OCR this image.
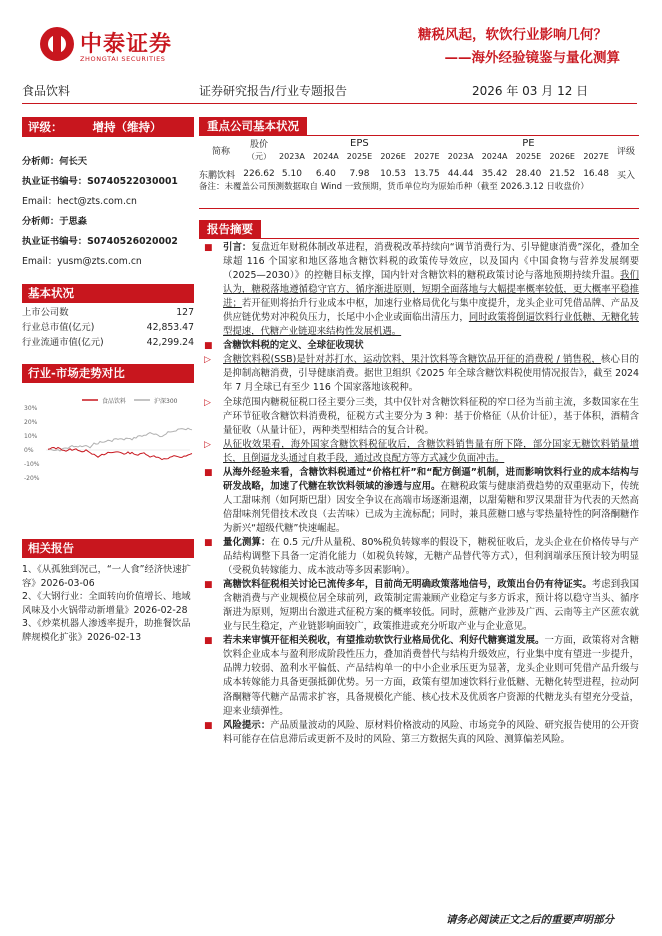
中泰证券
ZHONGTAI SECURITIES
糖税风起，软饮行业影响几何？
——海外经验镜鉴与量化测算
食品饮料	证券研究报告/行业专题报告	2026 年 03 月 12 日
评级：	增持（维持）
分析师：何长天
执业证书编号：S0740522030001
Email：hect@zts.com.cn
分析师：于思淼
执业证书编号：S0740526020002
Email：yusm@zts.com.cn
基本状况
上市公司数	127
行业总市值(亿元)	42,853.47
行业流通市值(亿元)	42,299.24
行业-市场走势对比
食品饮料	沪深300
30%
20%
10%
0%
-10%
-20%
相关报告
1、《从孤独到况己，“一人食”经济快速扩容》2026-03-06
2、《大钢行业：全面转向价值增长、地域风味及小火锅带动新增量》2026-02-28
3、《炒菜机器人渗透率提升，助推餐饮品牌规模化扩张》2026-02-13
重点公司基本状况
简称	股价	EPS					PE					评级
	（元）	2023A	2024A	2025E	2026E	2027E	2023A	2024A	2025E	2026E	2027E	
东鹏饮料	226.62	5.10	6.40	7.98	10.53	13.75	44.44	35.42	28.40	21.52	16.48	买入
备注：未覆盖公司预测数据取自 Wind 一致预期，货币单位均为原始币种（截至 2026.3.12 日收盘价）
报告摘要
■ 引言：复盘近年财税体制改革进程，消费税改革持续向“调节消费行为、引导健康消费”深化，叠加全球超 116 个国家和地区落地含糖饮料税的政策传导效应，以及国内《中国食物与营养发展纲要（2025—2030）》的控糖目标支撑，国内针对含糖饮料的糖税政策讨论与落地预期持续升温。我们认为，糖税落地遵循稳守官方、循序渐进原则，短期全面落地与大幅提率概率较低，更大概率平稳推进；若开征则将抬升行业成本中枢，加速行业格局优化与集中度提升，龙头企业可凭借品牌、产品及供应链优势对冲税负压力，长尾中小企业或面临出清压力，同时政策将倒逼饮料行业低糖、无糖化转型提速，代糖产业链迎来结构性发展机遇。
■ 含糖饮料税的定义、全球征收现状
▷ 含糖饮料税(SSB)是针对苏打水、运动饮料、果汁饮料等含糖饮品开征的消费税 / 销售税，核心目的是抑制高糖消费，引导健康消费。据世卫组织《2025 年全球含糖饮料税使用情况报告》，截至 2024 年 7 月全球已有至少 116 个国家落地该税种。
▷ 全球范围内糖税征税口径主要分三类，其中仅针对含糖饮料征税的窄口径为当前主流，多数国家在生产环节征收含糖饮料消费税，征税方式主要分为 3 种：基于价格征（从价计征），基于体积，酒精含量征收（从量计征），两种类型相结合的复合计税。
▷ 从征收效果看，海外国家含糖饮料税征收后，含糖饮料销售量有所下降，部分国家无糖饮料销量增长，且倒逼龙头通过自救手段，通过改良配方等方式减少负面冲击。
■ 从海外经验来看，含糖饮料税通过“价格杠杆”和“配方倒逼”机制，进而影响饮料行业的成本结构与研发战略，加速了代糖在软饮料领域的渗透与应用。在糖税政策与健康消费趋势的双重驱动下，传统人工甜味剂（如阿斯巴甜）因安全争议在高端市场逐渐退潮，以甜菊糖和罗汉果甜苷为代表的天然高倍甜味剂凭借技术改良（去苦味）已成为主流标配；同时，兼具蔗糖口感与零热量特性的阿洛酮糖作为新兴“超级代糖”快速崛起。
■ 量化测算：在 0.5 元/升从量税、80%税负转嫁率的假设下，糖税征收后，龙头企业在价格传导与产品结构调整下具备一定消化能力（如税负转嫁，无糖产品替代等方式），但利润端承压预计较为明显（受税负转嫁能力、成本波动等多因素影响）。
■ 高糖饮料征税相关讨论已流传多年，目前尚无明确政策落地信号，政策出台仍有待证实。考虑到我国含糖消费与产业规模位居全球前列，政策制定需兼顾产业稳定与多方诉求，预计将以稳守当头、循序渐进为原则，短期出台激进式征税方案的概率较低。同时，蔗糖产业涉及广西、云南等主产区蔗农就业与民生稳定，产业链影响面较广，政策推进或充分听取产业与企业意见。
■ 若未来审慎开征相关税收，有望推动软饮行业格局优化、利好代糖赛道发展。一方面，政策将对含糖饮料企业成本与盈利形成阶段性压力，叠加消费替代与结构升级效应，行业集中度有望进一步提升，品牌力较弱、盈利水平偏低、产品结构单一的中小企业承压更为显著，龙头企业则可凭借产品升级与成本转嫁能力具备更强抵御优势。另一方面，政策有望加速饮料行业低糖、无糖化转型进程，拉动阿洛酮糖等代糖产品需求扩容，具备规模化产能、核心技术及优质客户资源的代糖龙头有望充分受益，迎来业绩弹性。
■ 风险提示：产品质量波动的风险、原材料价格波动的风险、市场竞争的风险、研究报告使用的公开资料可能存在信息滞后或更新不及时的风险、第三方数据失真的风险、测算偏差风险。
请务必阅读正文之后的重要声明部分
